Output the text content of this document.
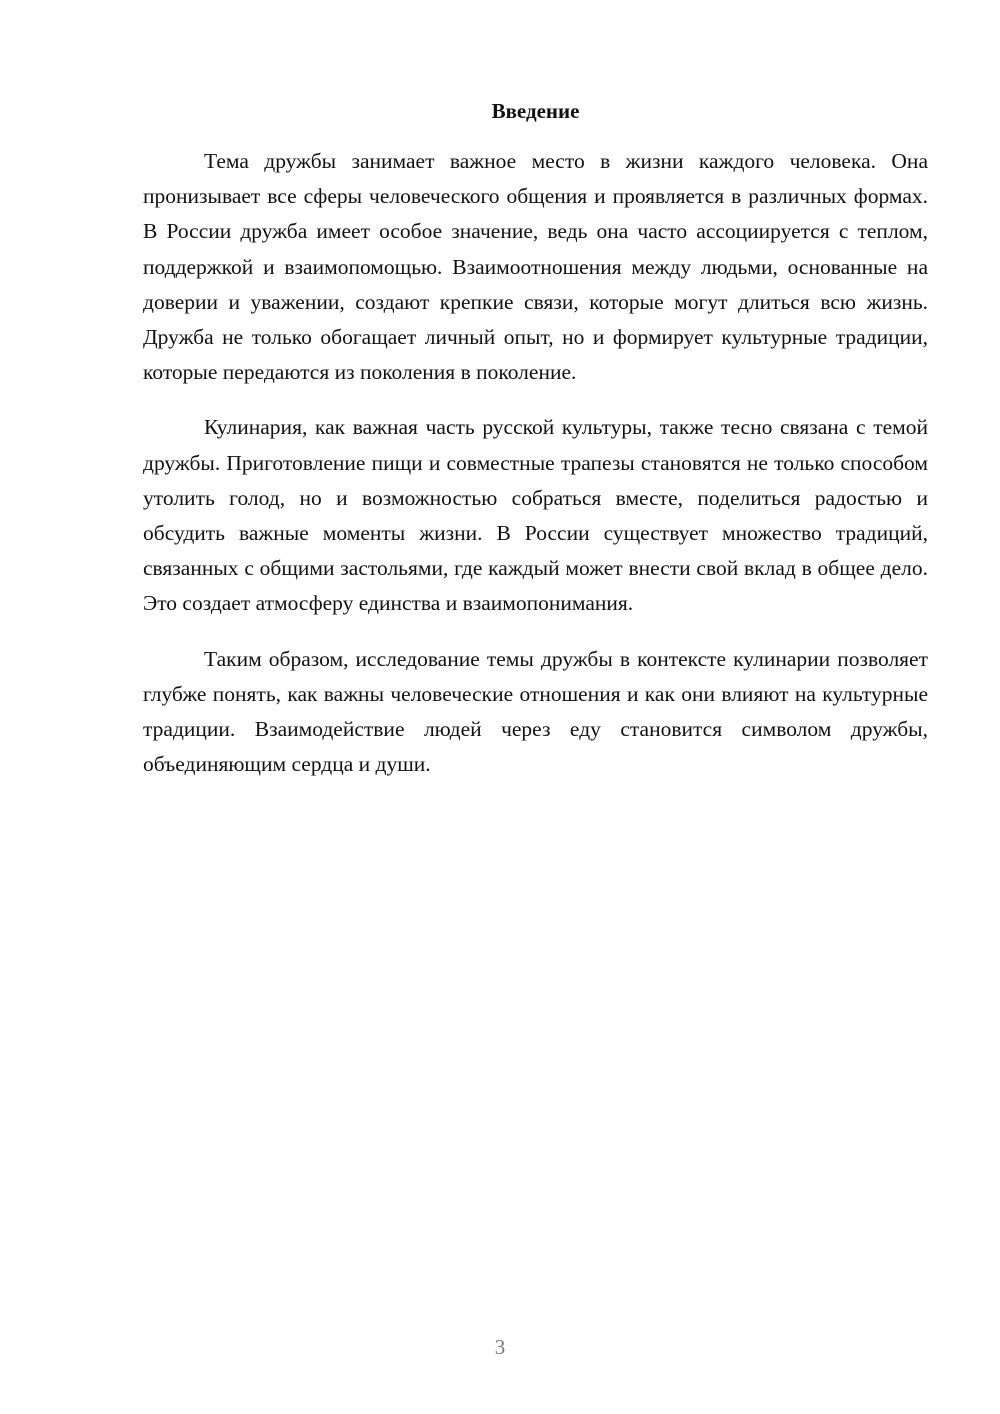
Введение

Тема дружбы занимает важное место в жизни каждого человека. Она пронизывает все сферы человеческого общения и проявляется в различных формах. В России дружба имеет особое значение, ведь она часто ассоциируется с теплом, поддержкой и взаимопомощью. Взаимоотношения между людьми, основанные на доверии и уважении, создают крепкие связи, которые могут длиться всю жизнь. Дружба не только обогащает личный опыт, но и формирует культурные традиции, которые передаются из поколения в поколение.

Кулинария, как важная часть русской культуры, также тесно связана с темой дружбы. Приготовление пищи и совместные трапезы становятся не только способом утолить голод, но и возможностью собраться вместе, поделиться радостью и обсудить важные моменты жизни. В России существует множество традиций, связанных с общими застольями, где каждый может внести свой вклад в общее дело. Это создает атмосферу единства и взаимопонимания.

Таким образом, исследование темы дружбы в контексте кулинарии позволяет глубже понять, как важны человеческие отношения и как они влияют на культурные традиции. Взаимодействие людей через еду становится символом дружбы, объединяющим сердца и души.

3
